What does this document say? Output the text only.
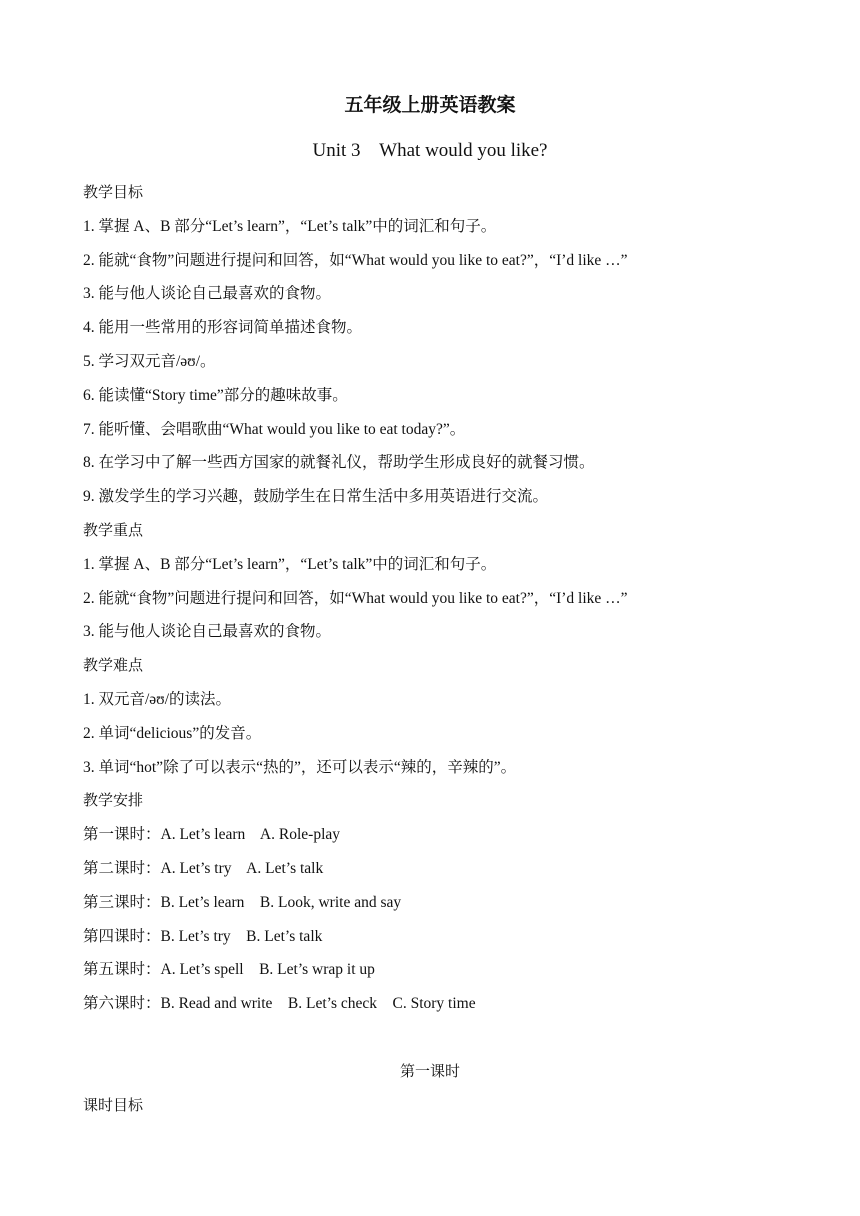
五年级上册英语教案
Unit 3    What would you like?
教学目标
1. 掌握 A、B 部分“Let’s learn”，“Let’s talk”中的词汇和句子。
2. 能就“食物”问题进行提问和回答，如“What would you like to eat?”，“I’d like …”
3. 能与他人谈论自己最喜欢的食物。
4. 能用一些常用的形容词简单描述食物。
5. 学习双元音/əʊ/。
6. 能读懂“Story time”部分的趣味故事。
7. 能听懂、会唱歌曲“What would you like to eat today?”。
8. 在学习中了解一些西方国家的就餐礼仪，帮助学生形成良好的就餐习惯。
9. 激发学生的学习兴趣，鼓励学生在日常生活中多用英语进行交流。
教学重点
1. 掌握 A、B 部分“Let’s learn”，“Let’s talk”中的词汇和句子。
2. 能就“食物”问题进行提问和回答，如“What would you like to eat?”，“I’d like …”
3. 能与他人谈论自己最喜欢的食物。
教学难点
1. 双元音/əʊ/的读法。
2. 单词“delicious”的发音。
3. 单词“hot”除了可以表示“热的”，还可以表示“辣的，辛辣的”。
教学安排
第一课时：A. Let’s learn    A. Role-play
第二课时：A. Let’s try    A. Let’s talk
第三课时：B. Let’s learn    B. Look, write and say
第四课时：B. Let’s try    B. Let’s talk
第五课时：A. Let’s spell    B. Let’s wrap it up
第六课时：B. Read and write    B. Let’s check    C. Story time
第一课时
课时目标
